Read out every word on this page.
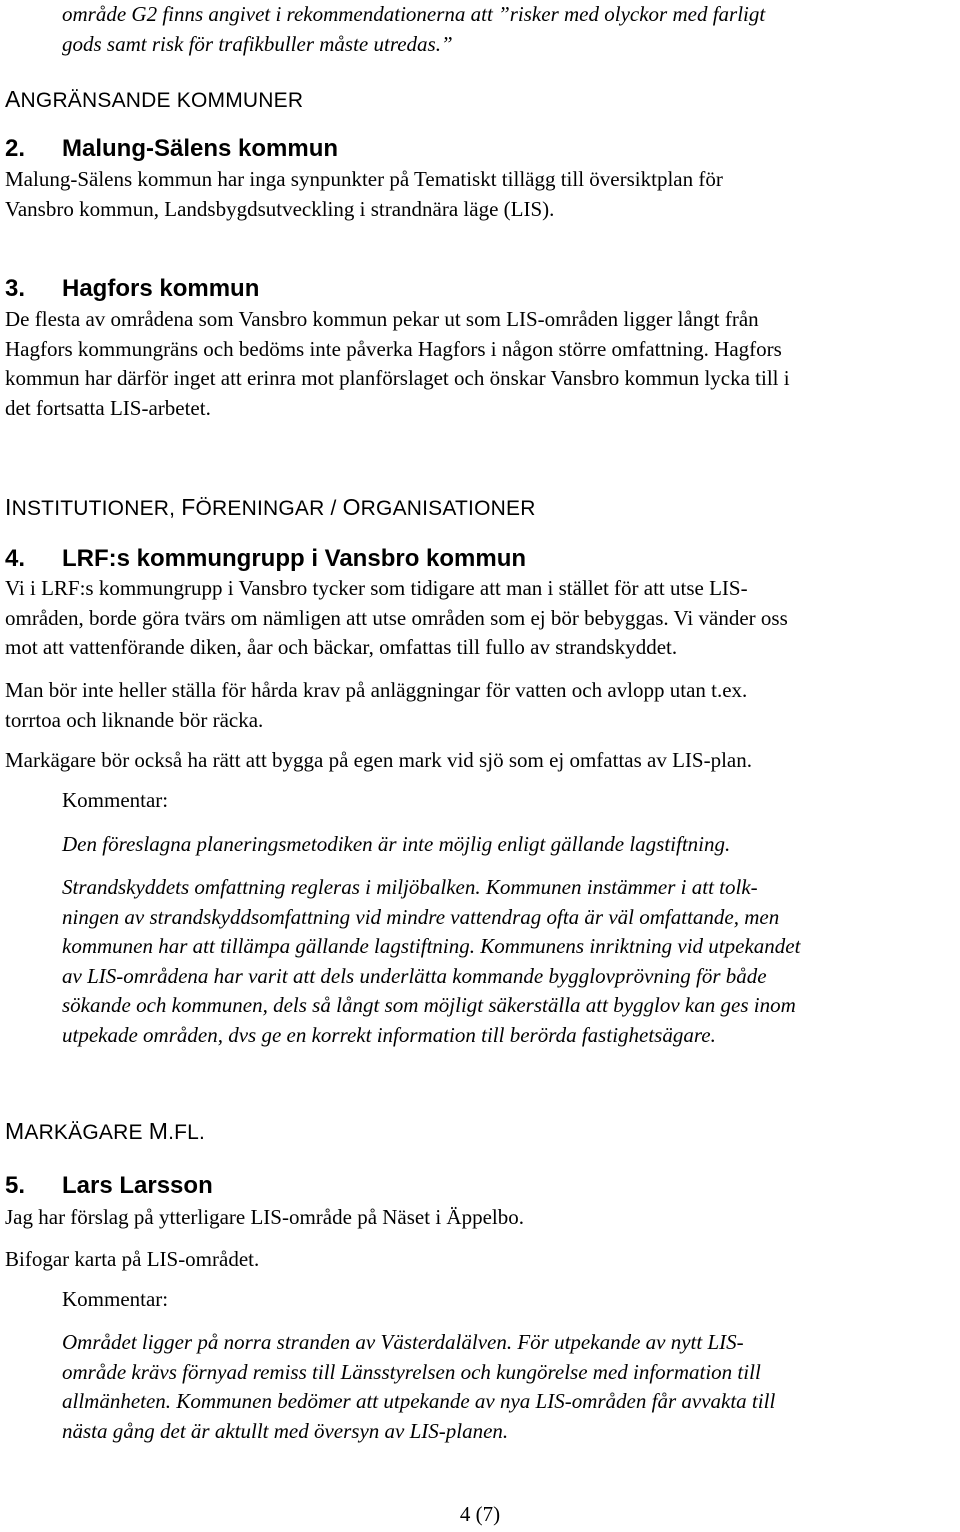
område G2 finns angivet i rekommendationerna att ”risker med olyckor med farligt

gods samt risk för trafikbuller måste utredas.”

ANGRÄNSANDE KOMMUNER
2. Malung-Sälens kommun

Malung-Sälens kommun har inga synpunkter på Tematiskt tillägg till översiktplan för

Vansbro kommun, Landsbygdsutveckling i strandnära läge (LIS).

3. Hagfors kommun

De flesta av områdena som Vansbro kommun pekar ut som LIS-områden ligger långt från

Hagfors kommungräns och bedöms inte påverka Hagfors i någon större omfattning. Hagfors

kommun har därför inget att erinra mot planförslaget och önskar Vansbro kommun lycka till i

det fortsatta LIS-arbetet.

INSTITUTIONER, FÖRENINGAR / ORGANISATIONER
4. LRF:s kommungrupp i Vansbro kommun

Vi i LRF:s kommungrupp i Vansbro tycker som tidigare att man i stället för att utse LIS-

områden, borde göra tvärs om nämligen att utse områden som ej bör bebyggas. Vi vänder oss

mot att vattenförande diken, åar och bäckar, omfattas till fullo av strandskyddet.

Man bör inte heller ställa för hårda krav på anläggningar för vatten och avlopp utan t.ex.

torrtoa och liknande bör räcka.

Markägare bör också ha rätt att bygga på egen mark vid sjö som ej omfattas av LIS-plan.

Kommentar:

Den föreslagna planeringsmetodiken är inte möjlig enligt gällande lagstiftning.

Strandskyddets omfattning regleras i miljöbalken. Kommunen instämmer i att tolk-

ningen av strandskyddsomfattning vid mindre vattendrag ofta är väl omfattande, men

kommunen har att tillämpa gällande lagstiftning. Kommunens inriktning vid utpekandet

av LIS-områdena har varit att dels underlätta kommande bygglovprövning för både

sökande och kommunen, dels så långt som möjligt säkerställa att bygglov kan ges inom

utpekade områden, dvs ge en korrekt information till berörda fastighetsägare.

MARKÄGARE M.FL.
5. Lars Larsson

Jag har förslag på ytterligare LIS-område på Näset i Äppelbo.

Bifogar karta på LIS-området.

Kommentar:

Området ligger på norra stranden av Västerdalälven. För utpekande av nytt LIS-

område krävs förnyad remiss till Länsstyrelsen och kungörelse med information till

allmänheten. Kommunen bedömer att utpekande av nya LIS-områden får avvakta till

nästa gång det är aktullt med översyn av LIS-planen.

4 (7)
